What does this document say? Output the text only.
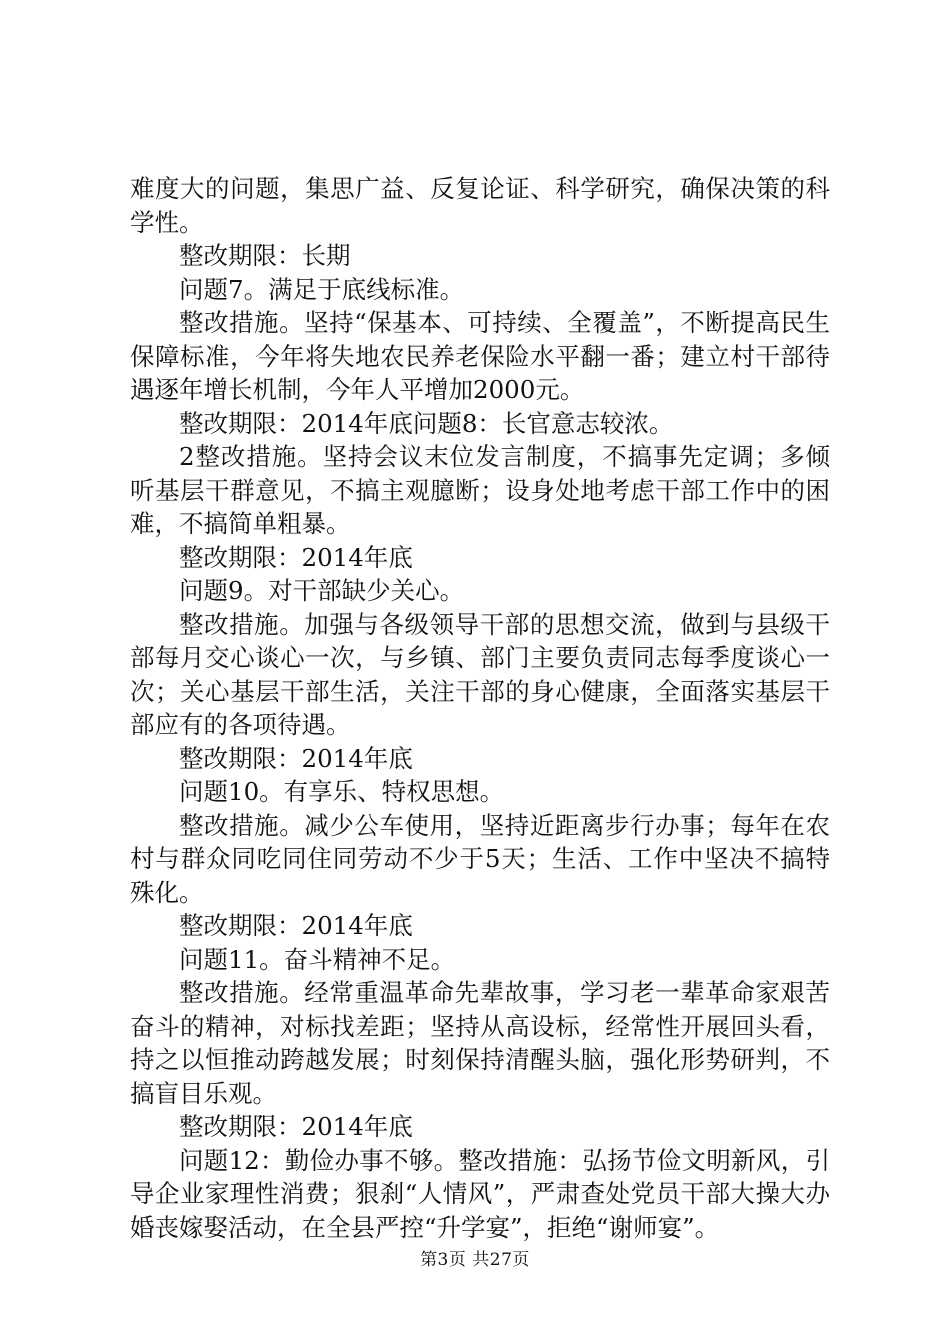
难度大的问题，集思广益、反复论证、科学研究，确保决策的科学性。

整改期限：长期

问题7。满足于底线标准。

整改措施。坚持“保基本、可持续、全覆盖”，不断提高民生保障标准，今年将失地农民养老保险水平翻一番；建立村干部待遇逐年增长机制，今年人平增加2000元。

整改期限：2014年底问题8：长官意志较浓。

2整改措施。坚持会议末位发言制度，不搞事先定调；多倾听基层干群意见，不搞主观臆断；设身处地考虑干部工作中的困难，不搞简单粗暴。

整改期限：2014年底

问题9。对干部缺少关心。

整改措施。加强与各级领导干部的思想交流，做到与县级干部每月交心谈心一次，与乡镇、部门主要负责同志每季度谈心一次；关心基层干部生活，关注干部的身心健康，全面落实基层干部应有的各项待遇。

整改期限：2014年底

问题10。有享乐、特权思想。

整改措施。减少公车使用，坚持近距离步行办事；每年在农村与群众同吃同住同劳动不少于5天；生活、工作中坚决不搞特殊化。

整改期限：2014年底

问题11。奋斗精神不足。

整改措施。经常重温革命先辈故事，学习老一辈革命家艰苦奋斗的精神，对标找差距；坚持从高设标，经常性开展回头看，持之以恒推动跨越发展；时刻保持清醒头脑，强化形势研判，不搞盲目乐观。

整改期限：2014年底

问题12：勤俭办事不够。整改措施：弘扬节俭文明新风，引导企业家理性消费；狠刹“人情风”，严肃查处党员干部大操大办婚丧嫁娶活动，在全县严控“升学宴”，拒绝“谢师宴”。

第3页 共27页
